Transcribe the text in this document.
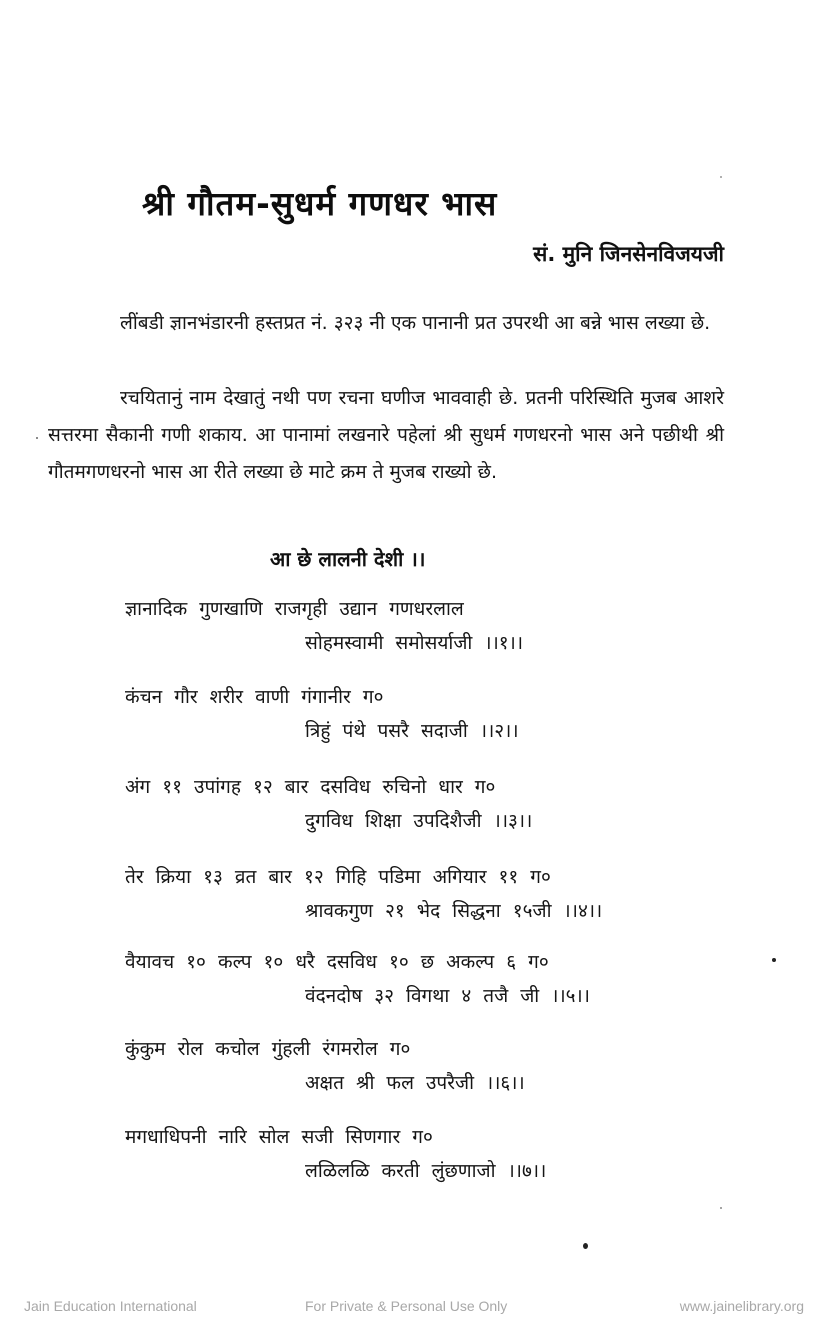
श्री गौतम-सुधर्म गणधर भास
सं. मुनि जिनसेनविजयजी
लींबडी ज्ञानभंडारनी हस्तप्रत नं. ३२३ नी एक पानानी प्रत उपरथी आ बन्ने भास लख्या छे.
रचयितानुं नाम देखातुं नथी पण रचना घणीज भाववाही छे. प्रतनी परिस्थिति मुजब आशरे सत्तरमा सैकानी गणी शकाय. आ पानामां लखनारे पहेलां श्री सुधर्म गणधरनो भास अने पछीथी श्री गौतमगणधरनो भास आ रीते लख्या छे माटे क्रम ते मुजब राख्यो छे.
आ छे लालनी देशी ।।
ज्ञानादिक गुणखाणि राजगृही उद्यान गणधरलाल
सोहमस्वामी समोसर्याजी ।।१।।
कंचन गौर शरीर वाणी गंगानीर ग०
त्रिहुं पंथे पसरै सदाजी ।।२।।
अंग ११ उपांगह १२ बार दसविध रुचिनो धार ग०
दुगविध शिक्षा उपदिशैजी ।।३।।
तेर क्रिया १३ व्रत बार १२ गिहि पडिमा अगियार ११ ग०
श्रावकगुण २१ भेद सिद्धना १५जी ।।४।।
वैयावच १० कल्प १० धरै दसविध १० छ अकल्प ६ ग०
वंदनदोष ३२ विगथा ४ तजै जी ।।५।।
कुंकुम रोल कचोल गुंहली रंगमरोल ग०
अक्षत श्री फल उपरैजी ।।६।।
मगधाधिपनी नारि सोल सजी सिणगार ग०
लळिलळि करती लुंछणाजो ।।७।।
Jain Education International	For Private & Personal Use Only	www.jainelibrary.org
